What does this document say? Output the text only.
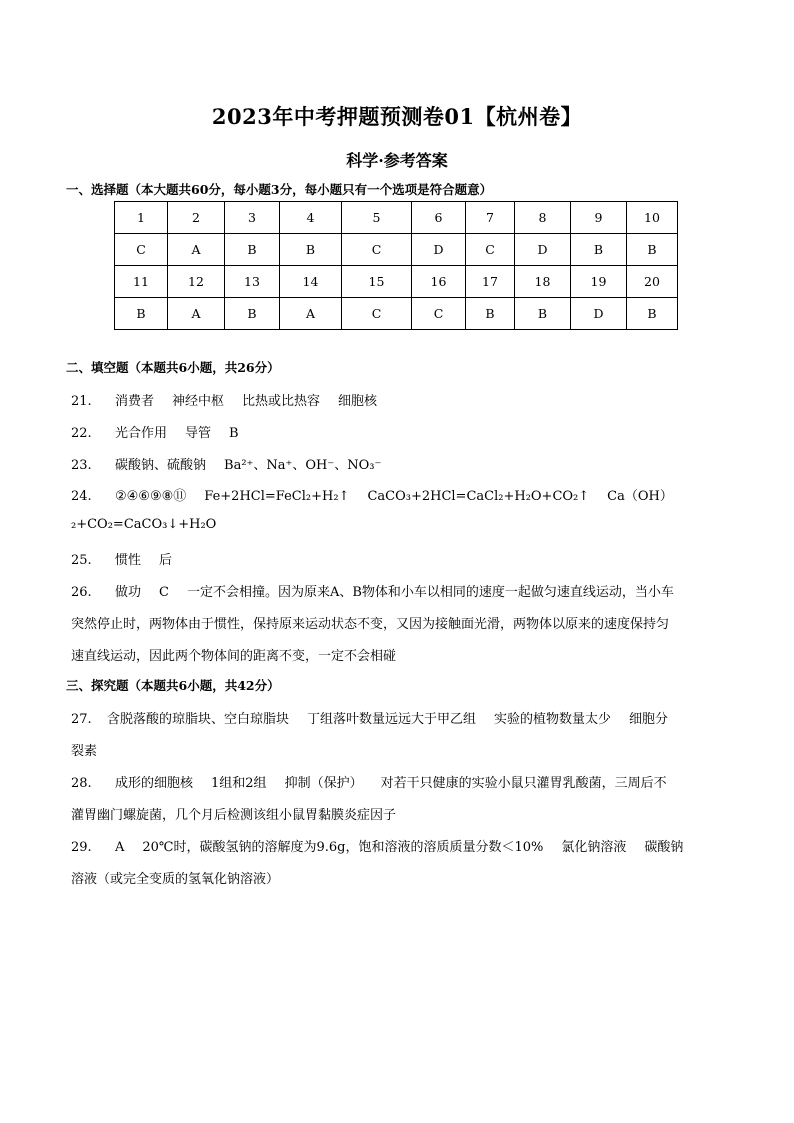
2023年中考押题预测卷01【杭州卷】
科学·参考答案
一、选择题（本大题共60分，每小题3分，每小题只有一个选项是符合题意）
1	2	3	4	5	6	7	8	9	10
C	A	B	B	C	D	C	D	B	B
11	12	13	14	15	16	17	18	19	20
B	A	B	A	C	C	B	B	D	B
二、填空题（本题共6小题，共26分）
21. 消费者 神经中枢 比热或比热容 细胞核
22. 光合作用 导管 B
23. 碳酸钠、硫酸钠 Ba²⁺、Na⁺、OH⁻、NO₃⁻
24. ②④⑥⑨⑧⑪ Fe+2HCl=FeCl₂+H₂↑ CaCO₃+2HCl=CaCl₂+H₂O+CO₂↑ Ca（OH）
₂+CO₂=CaCO₃↓+H₂O
25. 惯性 后
26. 做功 C 一定不会相撞。因为原来A、B物体和小车以相同的速度一起做匀速直线运动，当小车
突然停止时，两物体由于惯性，保持原来运动状态不变，又因为接触面光滑，两物体以原来的速度保持匀
速直线运动，因此两个物体间的距离不变，一定不会相碰
三、探究题（本题共6小题，共42分）
27. 含脱落酸的琼脂块、空白琼脂块 丁组落叶数量远远大于甲乙组 实验的植物数量太少 细胞分
裂素
28. 成形的细胞核 1组和2组 抑制（保护） 对若干只健康的实验小鼠只灌胃乳酸菌，三周后不
灌胃幽门螺旋菌，几个月后检测该组小鼠胃黏膜炎症因子
29. A 20℃时，碳酸氢钠的溶解度为9.6g，饱和溶液的溶质质量分数＜10% 氯化钠溶液 碳酸钠
溶液（或完全变质的氢氧化钠溶液）
